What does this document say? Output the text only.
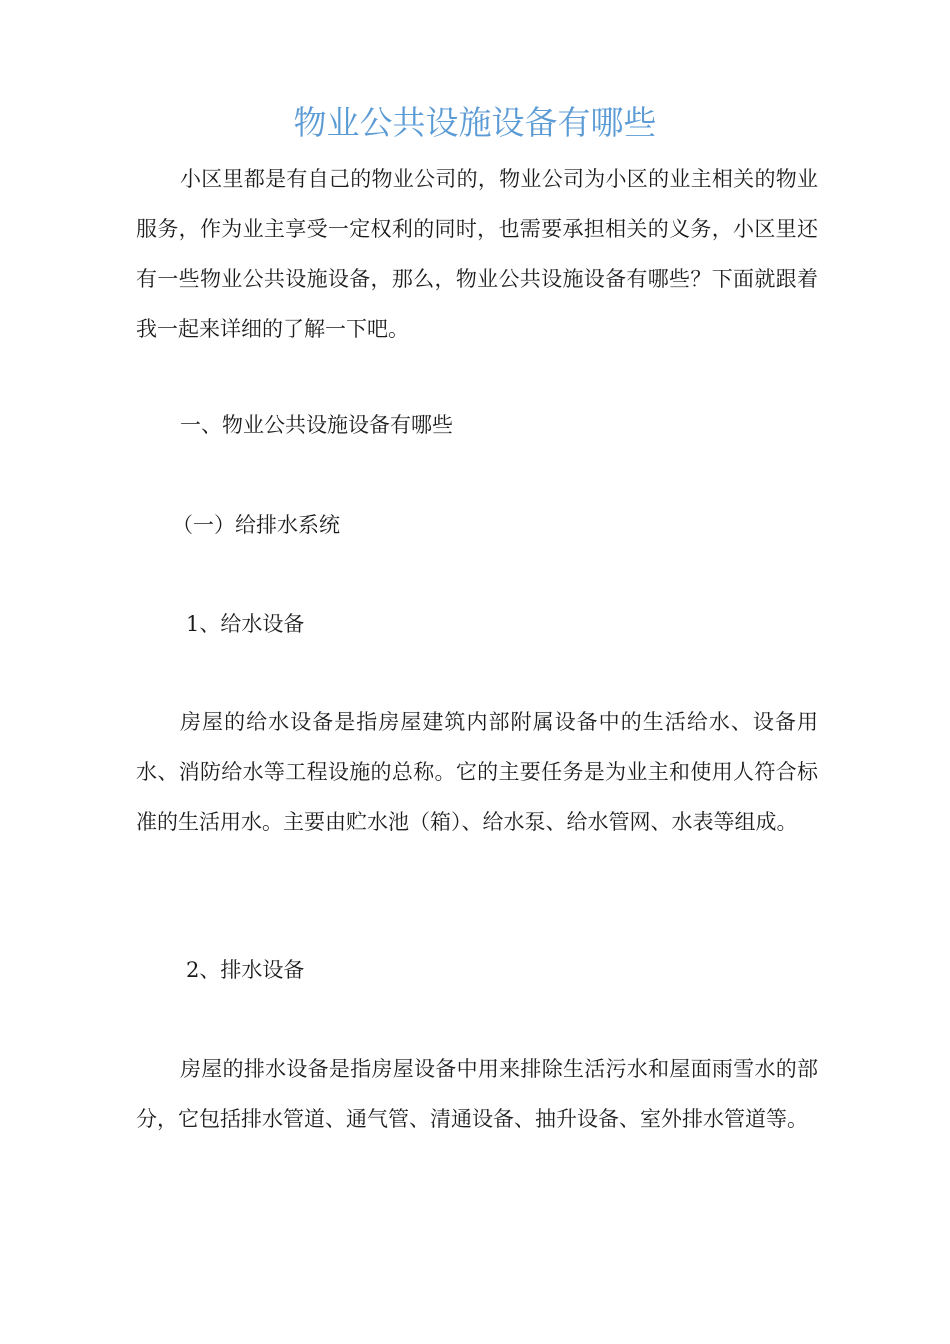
物业公共设施设备有哪些

小区里都是有自己的物业公司的，物业公司为小区的业主相关的物业服务，作为业主享受一定权利的同时，也需要承担相关的义务，小区里还有一些物业公共设施设备，那么，物业公共设施设备有哪些？下面就跟着我一起来详细的了解一下吧。

一、物业公共设施设备有哪些

（一）给排水系统

1、给水设备

房屋的给水设备是指房屋建筑内部附属设备中的生活给水、设备用水、消防给水等工程设施的总称。它的主要任务是为业主和使用人符合标准的生活用水。主要由贮水池（箱）、给水泵、给水管网、水表等组成。

2、排水设备

房屋的排水设备是指房屋设备中用来排除生活污水和屋面雨雪水的部分，它包括排水管道、通气管、清通设备、抽升设备、室外排水管道等。
